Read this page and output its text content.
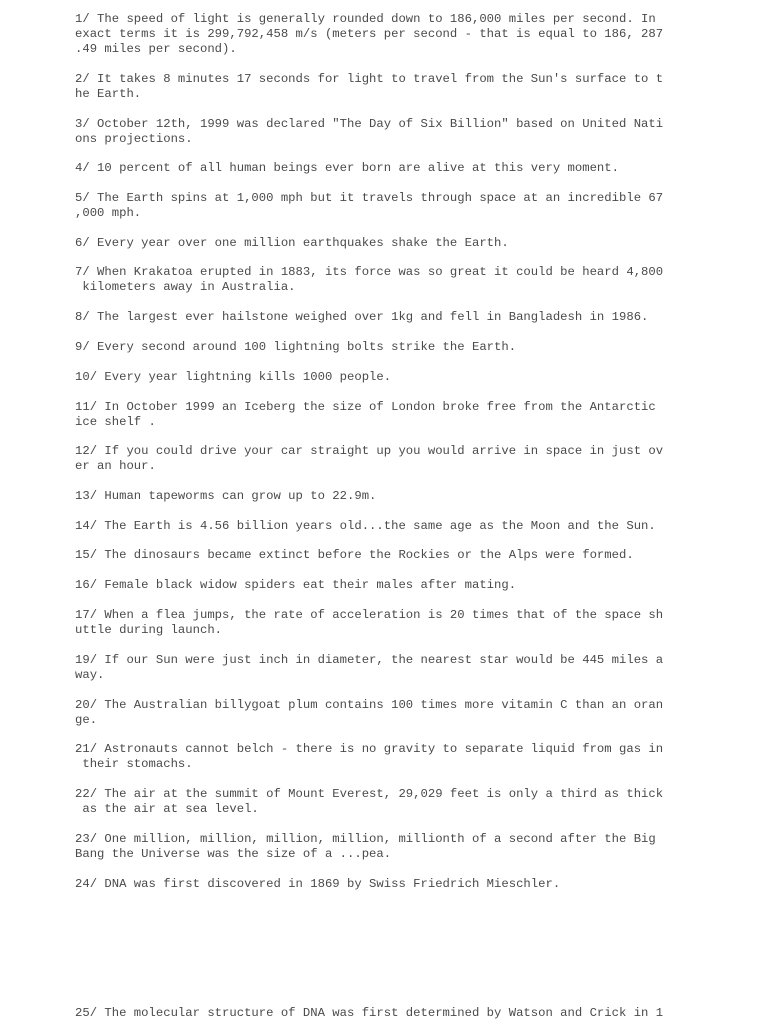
1/ The speed of light is generally rounded down to 186,000 miles per second. In
exact terms it is 299,792,458 m/s (meters per second - that is equal to 186, 287
.49 miles per second).

2/ It takes 8 minutes 17 seconds for light to travel from the Sun's surface to t
he Earth.

3/ October 12th, 1999 was declared "The Day of Six Billion" based on United Nati
ons projections.

4/ 10 percent of all human beings ever born are alive at this very moment.

5/ The Earth spins at 1,000 mph but it travels through space at an incredible 67
,000 mph.

6/ Every year over one million earthquakes shake the Earth.

7/ When Krakatoa erupted in 1883, its force was so great it could be heard 4,800
kilometers away in Australia.

8/ The largest ever hailstone weighed over 1kg and fell in Bangladesh in 1986.

9/ Every second around 100 lightning bolts strike the Earth.

10/ Every year lightning kills 1000 people.

11/ In October 1999 an Iceberg the size of London broke free from the Antarctic
ice shelf .

12/ If you could drive your car straight up you would arrive in space in just ov
er an hour.

13/ Human tapeworms can grow up to 22.9m.

14/ The Earth is 4.56 billion years old...the same age as the Moon and the Sun.

15/ The dinosaurs became extinct before the Rockies or the Alps were formed.

16/ Female black widow spiders eat their males after mating.

17/ When a flea jumps, the rate of acceleration is 20 times that of the space sh
uttle during launch.

19/ If our Sun were just inch in diameter, the nearest star would be 445 miles a
way.

20/ The Australian billygoat plum contains 100 times more vitamin C than an oran
ge.

21/ Astronauts cannot belch - there is no gravity to separate liquid from gas in
their stomachs.

22/ The air at the summit of Mount Everest, 29,029 feet is only a third as thick
as the air at sea level.

23/ One million, million, million, million, millionth of a second after the Big
Bang the Universe was the size of a ...pea.

24/ DNA was first discovered in 1869 by Swiss Friedrich Mieschler.

25/ The molecular structure of DNA was first determined by Watson and Crick in 1
